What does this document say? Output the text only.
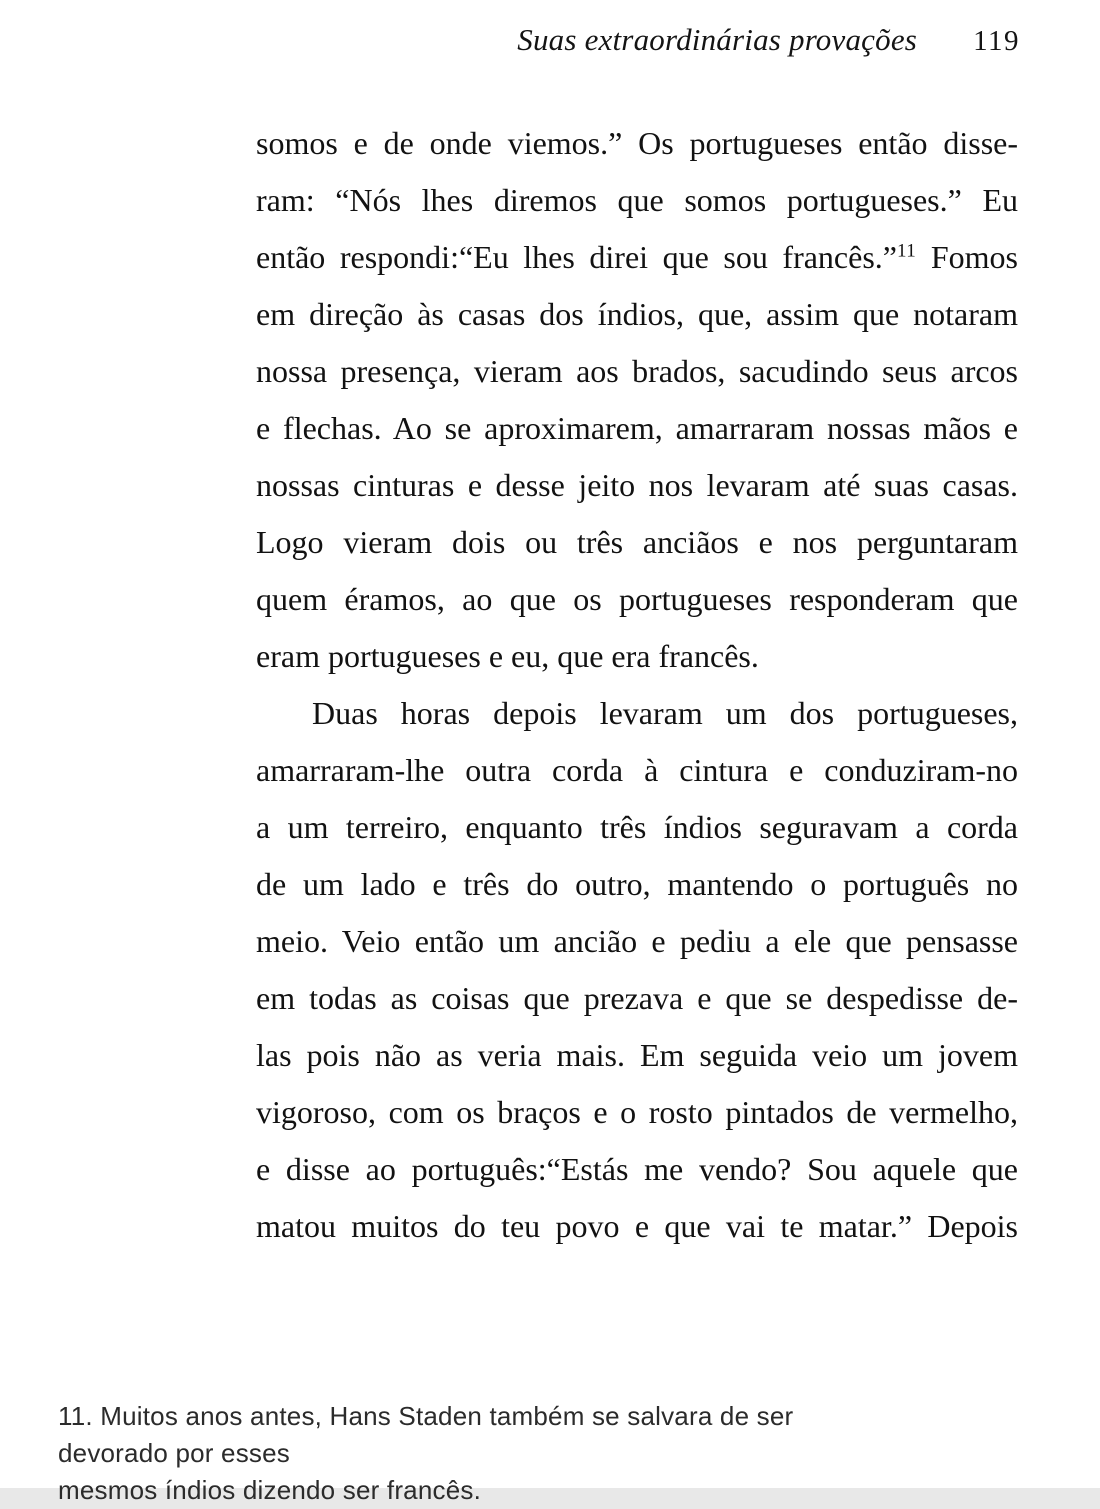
Suas extraordinárias provações 119
somos e de onde viemos.” Os portugueses então disse-
ram: “Nós lhes diremos que somos portugueses.” Eu
então respondi:“Eu lhes direi que sou francês.”$^{11}$ Fomos
em direção às casas dos índios, que, assim que notaram
nossa presença, vieram aos brados, sacudindo seus arcos
e flechas. Ao se aproximarem, amarraram nossas mãos e
nossas cinturas e desse jeito nos levaram até suas casas.
Logo vieram dois ou três anciãos e nos perguntaram
quem éramos, ao que os portugueses responderam que
eram portugueses e eu, que era francês.
Duas horas depois levaram um dos portugueses,
amarraram-lhe outra corda à cintura e conduziram-no
a um terreiro, enquanto três índios seguravam a corda
de um lado e três do outro, mantendo o português no
meio. Veio então um ancião e pediu a ele que pensasse
em todas as coisas que prezava e que se despedisse de-
las pois não as veria mais. Em seguida veio um jovem
vigoroso, com os braços e o rosto pintados de vermelho,
e disse ao português:“Estás me vendo? Sou aquele que
matou muitos do teu povo e que vai te matar.” Depois
11. Muitos anos antes, Hans Staden também se salvara de ser devorado por esses
mesmos índios dizendo ser francês.
